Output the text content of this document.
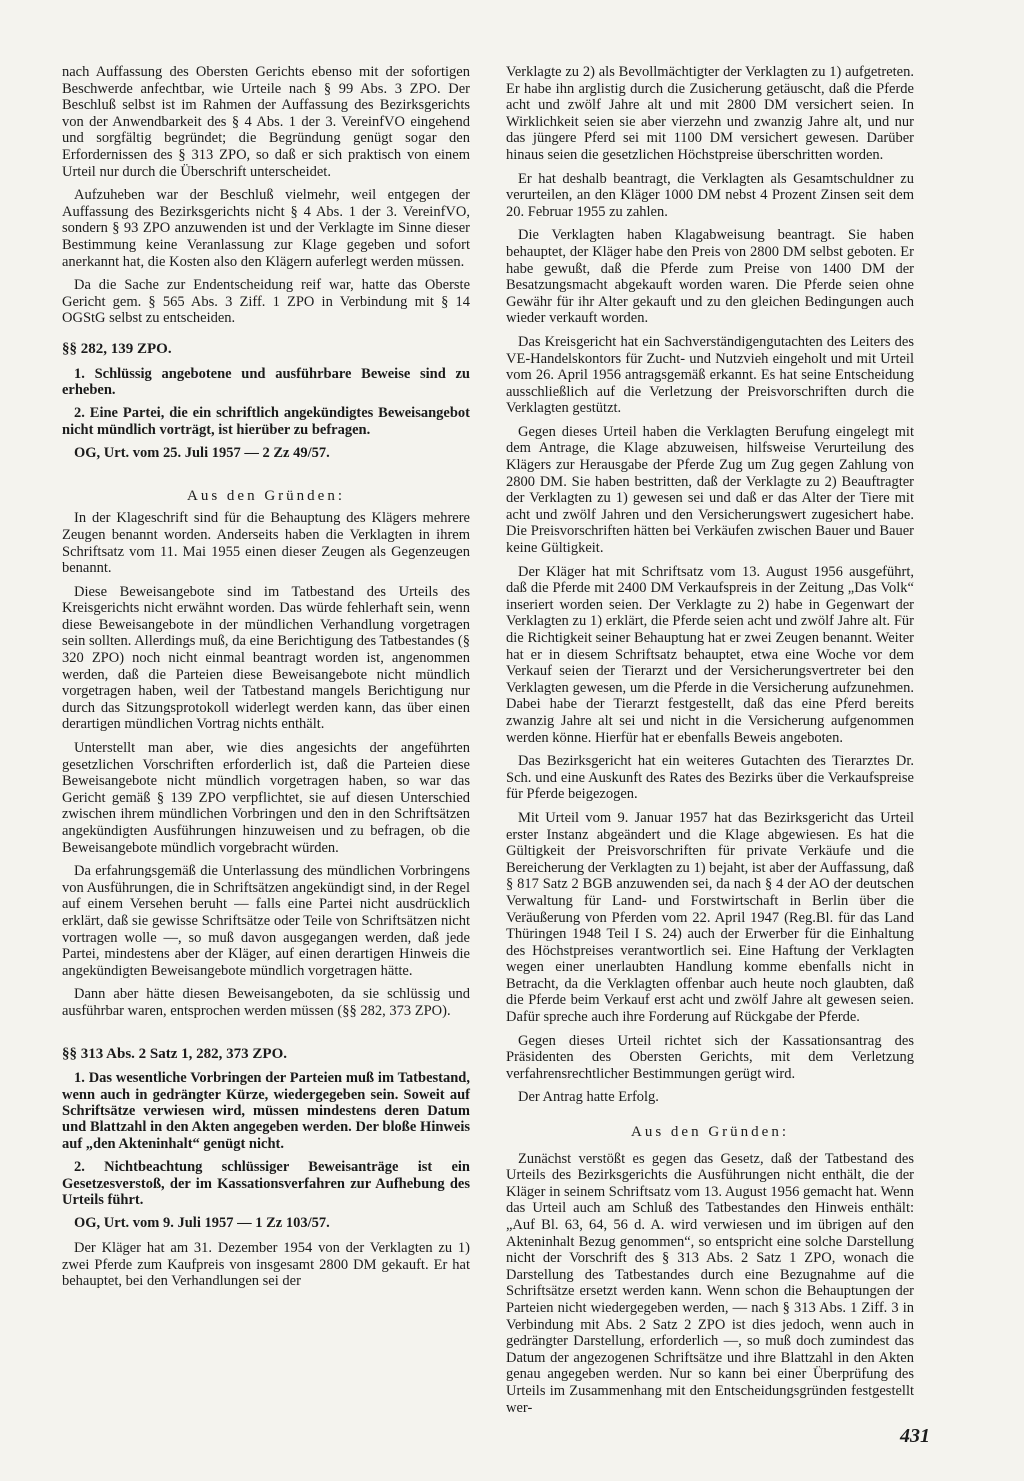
nach Auffassung des Obersten Gerichts ebenso mit der sofortigen Beschwerde anfechtbar, wie Urteile nach § 99 Abs. 3 ZPO. Der Beschluß selbst ist im Rahmen der Auffassung des Bezirksgerichts von der Anwendbarkeit des § 4 Abs. 1 der 3. VereinfVO eingehend und sorgfältig begründet; die Begründung genügt sogar den Erfordernissen des § 313 ZPO, so daß er sich praktisch von einem Urteil nur durch die Überschrift unterscheidet.

Aufzuheben war der Beschluß vielmehr, weil entgegen der Auffassung des Bezirksgerichts nicht § 4 Abs. 1 der 3. VereinfVO, sondern § 93 ZPO anzuwenden ist und der Verklagte im Sinne dieser Bestimmung keine Veranlassung zur Klage gegeben und sofort anerkannt hat, die Kosten also den Klägern auferlegt werden müssen.

Da die Sache zur Endentscheidung reif war, hatte das Oberste Gericht gem. § 565 Abs. 3 Ziff. 1 ZPO in Verbindung mit § 14 OGStG selbst zu entscheiden.

§§ 282, 139 ZPO.

1. Schlüssig angebotene und ausführbare Beweise sind zu erheben.

2. Eine Partei, die ein schriftlich angekündigtes Beweisangebot nicht mündlich vorträgt, ist hierüber zu befragen.

OG, Urt. vom 25. Juli 1957 — 2 Zz 49/57.

Aus den Gründen:

In der Klageschrift sind für die Behauptung des Klägers mehrere Zeugen benannt worden. Anderseits haben die Verklagten in ihrem Schriftsatz vom 11. Mai 1955 einen dieser Zeugen als Gegenzeugen benannt.

Diese Beweisangebote sind im Tatbestand des Urteils des Kreisgerichts nicht erwähnt worden. Das würde fehlerhaft sein, wenn diese Beweisangebote in der mündlichen Verhandlung vorgetragen sein sollten. Allerdings muß, da eine Berichtigung des Tatbestandes (§ 320 ZPO) noch nicht einmal beantragt worden ist, angenommen werden, daß die Parteien diese Beweisangebote nicht mündlich vorgetragen haben, weil der Tatbestand mangels Berichtigung nur durch das Sitzungsprotokoll widerlegt werden kann, das über einen derartigen mündlichen Vortrag nichts enthält.

Unterstellt man aber, wie dies angesichts der angeführten gesetzlichen Vorschriften erforderlich ist, daß die Parteien diese Beweisangebote nicht mündlich vorgetragen haben, so war das Gericht gemäß § 139 ZPO verpflichtet, sie auf diesen Unterschied zwischen ihrem mündlichen Vorbringen und den in den Schriftsätzen angekündigten Ausführungen hinzuweisen und zu befragen, ob die Beweisangebote mündlich vorgebracht würden.

Da erfahrungsgemäß die Unterlassung des mündlichen Vorbringens von Ausführungen, die in Schriftsätzen angekündigt sind, in der Regel auf einem Versehen beruht — falls eine Partei nicht ausdrücklich erklärt, daß sie gewisse Schriftsätze oder Teile von Schriftsätzen nicht vortragen wolle —, so muß davon ausgegangen werden, daß jede Partei, mindestens aber der Kläger, auf einen derartigen Hinweis die angekündigten Beweisangebote mündlich vorgetragen hätte.

Dann aber hätte diesen Beweisangeboten, da sie schlüssig und ausführbar waren, entsprochen werden müssen (§§ 282, 373 ZPO).

§§ 313 Abs. 2 Satz 1, 282, 373 ZPO.

1. Das wesentliche Vorbringen der Parteien muß im Tatbestand, wenn auch in gedrängter Kürze, wiedergegeben sein. Soweit auf Schriftsätze verwiesen wird, müssen mindestens deren Datum und Blattzahl in den Akten angegeben werden. Der bloße Hinweis auf „den Akteninhalt“ genügt nicht.

2. Nichtbeachtung schlüssiger Beweisanträge ist ein Gesetzesverstoß, der im Kassationsverfahren zur Aufhebung des Urteils führt.

OG, Urt. vom 9. Juli 1957 — 1 Zz 103/57.

Der Kläger hat am 31. Dezember 1954 von der Verklagten zu 1) zwei Pferde zum Kaufpreis von insgesamt 2800 DM gekauft. Er hat behauptet, bei den Verhandlungen sei der

Verklagte zu 2) als Bevollmächtigter der Verklagten zu 1) aufgetreten. Er habe ihn arglistig durch die Zusicherung getäuscht, daß die Pferde acht und zwölf Jahre alt und mit 2800 DM versichert seien. In Wirklichkeit seien sie aber vierzehn und zwanzig Jahre alt, und nur das jüngere Pferd sei mit 1100 DM versichert gewesen. Darüber hinaus seien die gesetzlichen Höchstpreise überschritten worden.

Er hat deshalb beantragt, die Verklagten als Gesamtschuldner zu verurteilen, an den Kläger 1000 DM nebst 4 Prozent Zinsen seit dem 20. Februar 1955 zu zahlen.

Die Verklagten haben Klagabweisung beantragt. Sie haben behauptet, der Kläger habe den Preis von 2800 DM selbst geboten. Er habe gewußt, daß die Pferde zum Preise von 1400 DM der Besatzungsmacht abgekauft worden waren. Die Pferde seien ohne Gewähr für ihr Alter gekauft und zu den gleichen Bedingungen auch wieder verkauft worden.

Das Kreisgericht hat ein Sachverständigengutachten des Leiters des VE-Handelskontors für Zucht- und Nutzvieh eingeholt und mit Urteil vom 26. April 1956 antragsgemäß erkannt. Es hat seine Entscheidung ausschließlich auf die Verletzung der Preisvorschriften durch die Verklagten gestützt.

Gegen dieses Urteil haben die Verklagten Berufung eingelegt mit dem Antrage, die Klage abzuweisen, hilfsweise Verurteilung des Klägers zur Herausgabe der Pferde Zug um Zug gegen Zahlung von 2800 DM. Sie haben bestritten, daß der Verklagte zu 2) Beauftragter der Verklagten zu 1) gewesen sei und daß er das Alter der Tiere mit acht und zwölf Jahren und den Versicherungswert zugesichert habe. Die Preisvorschriften hätten bei Verkäufen zwischen Bauer und Bauer keine Gültigkeit.

Der Kläger hat mit Schriftsatz vom 13. August 1956 ausgeführt, daß die Pferde mit 2400 DM Verkaufspreis in der Zeitung „Das Volk“ inseriert worden seien. Der Verklagte zu 2) habe in Gegenwart der Verklagten zu 1) erklärt, die Pferde seien acht und zwölf Jahre alt. Für die Richtigkeit seiner Behauptung hat er zwei Zeugen benannt. Weiter hat er in diesem Schriftsatz behauptet, etwa eine Woche vor dem Verkauf seien der Tierarzt und der Versicherungsvertreter bei den Verklagten gewesen, um die Pferde in die Versicherung aufzunehmen. Dabei habe der Tierarzt festgestellt, daß das eine Pferd bereits zwanzig Jahre alt sei und nicht in die Versicherung aufgenommen werden könne. Hierfür hat er ebenfalls Beweis angeboten.

Das Bezirksgericht hat ein weiteres Gutachten des Tierarztes Dr. Sch. und eine Auskunft des Rates des Bezirks über die Verkaufspreise für Pferde beigezogen.

Mit Urteil vom 9. Januar 1957 hat das Bezirksgericht das Urteil erster Instanz abgeändert und die Klage abgewiesen. Es hat die Gültigkeit der Preisvorschriften für private Verkäufe und die Bereicherung der Verklagten zu 1) bejaht, ist aber der Auffassung, daß § 817 Satz 2 BGB anzuwenden sei, da nach § 4 der AO der deutschen Verwaltung für Land- und Forstwirtschaft in Berlin über die Veräußerung von Pferden vom 22. April 1947 (Reg.Bl. für das Land Thüringen 1948 Teil I S. 24) auch der Erwerber für die Einhaltung des Höchstpreises verantwortlich sei. Eine Haftung der Verklagten wegen einer unerlaubten Handlung komme ebenfalls nicht in Betracht, da die Verklagten offenbar auch heute noch glaubten, daß die Pferde beim Verkauf erst acht und zwölf Jahre alt gewesen seien. Dafür spreche auch ihre Forderung auf Rückgabe der Pferde.

Gegen dieses Urteil richtet sich der Kassationsantrag des Präsidenten des Obersten Gerichts, mit dem Verletzung verfahrensrechtlicher Bestimmungen gerügt wird.

Der Antrag hatte Erfolg.

Aus den Gründen:

Zunächst verstößt es gegen das Gesetz, daß der Tatbestand des Urteils des Bezirksgerichts die Ausführungen nicht enthält, die der Kläger in seinem Schriftsatz vom 13. August 1956 gemacht hat. Wenn das Urteil auch am Schluß des Tatbestandes den Hinweis enthält: „Auf Bl. 63, 64, 56 d. A. wird verwiesen und im übrigen auf den Akteninhalt Bezug genommen“, so entspricht eine solche Darstellung nicht der Vorschrift des § 313 Abs. 2 Satz 1 ZPO, wonach die Darstellung des Tatbestandes durch eine Bezugnahme auf die Schriftsätze ersetzt werden kann. Wenn schon die Behauptungen der Parteien nicht wiedergegeben werden, — nach § 313 Abs. 1 Ziff. 3 in Verbindung mit Abs. 2 Satz 2 ZPO ist dies jedoch, wenn auch in gedrängter Darstellung, erforderlich —, so muß doch zumindest das Datum der angezogenen Schriftsätze und ihre Blattzahl in den Akten genau angegeben werden. Nur so kann bei einer Überprüfung des Urteils im Zusammenhang mit den Entscheidungsgründen festgestellt wer-

431
